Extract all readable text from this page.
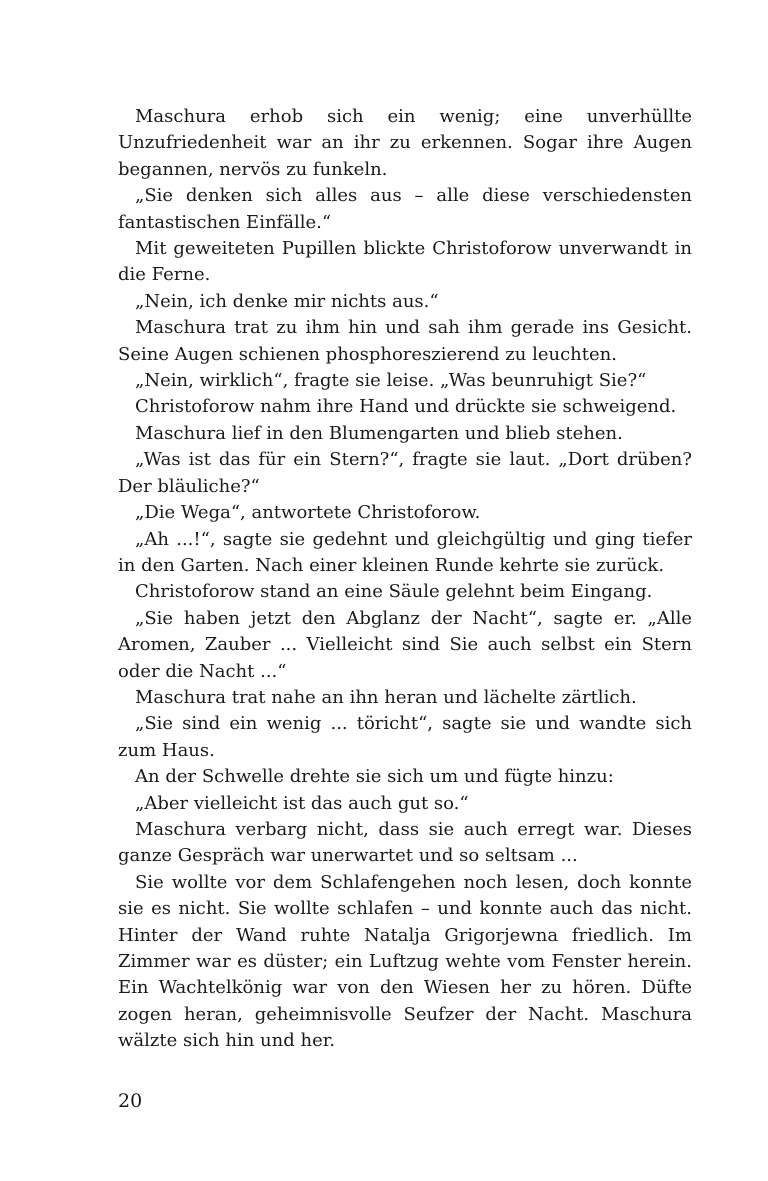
Maschura erhob sich ein wenig; eine unverhüllte Unzufriedenheit war an ihr zu erkennen. Sogar ihre Augen begannen, nervös zu funkeln.

„Sie denken sich alles aus – alle diese verschiedensten fantastischen Einfälle.“

Mit geweiteten Pupillen blickte Christoforow unverwandt in die Ferne.

„Nein, ich denke mir nichts aus.“

Maschura trat zu ihm hin und sah ihm gerade ins Gesicht. Seine Augen schienen phosphoreszierend zu leuchten.

„Nein, wirklich“, fragte sie leise. „Was beunruhigt Sie?“

Christoforow nahm ihre Hand und drückte sie schweigend.

Maschura lief in den Blumengarten und blieb stehen.

„Was ist das für ein Stern?“, fragte sie laut. „Dort drüben? Der bläuliche?“

„Die Wega“, antwortete Christoforow.

„Ah ...!“, sagte sie gedehnt und gleichgültig und ging tiefer in den Garten. Nach einer kleinen Runde kehrte sie zurück.

Christoforow stand an eine Säule gelehnt beim Eingang.

„Sie haben jetzt den Abglanz der Nacht“, sagte er. „Alle Aromen, Zauber ... Vielleicht sind Sie auch selbst ein Stern oder die Nacht ...“

Maschura trat nahe an ihn heran und lächelte zärtlich.

„Sie sind ein wenig ... töricht“, sagte sie und wandte sich zum Haus.

An der Schwelle drehte sie sich um und fügte hinzu:

„Aber vielleicht ist das auch gut so.“

Maschura verbarg nicht, dass sie auch erregt war. Dieses ganze Gespräch war unerwartet und so seltsam ...

Sie wollte vor dem Schlafengehen noch lesen, doch konnte sie es nicht. Sie wollte schlafen – und konnte auch das nicht. Hinter der Wand ruhte Natalja Grigorjewna friedlich. Im Zimmer war es düster; ein Luftzug wehte vom Fenster herein. Ein Wachtelkönig war von den Wiesen her zu hören. Düfte zogen heran, geheimnisvolle Seufzer der Nacht. Maschura wälzte sich hin und her.

20
